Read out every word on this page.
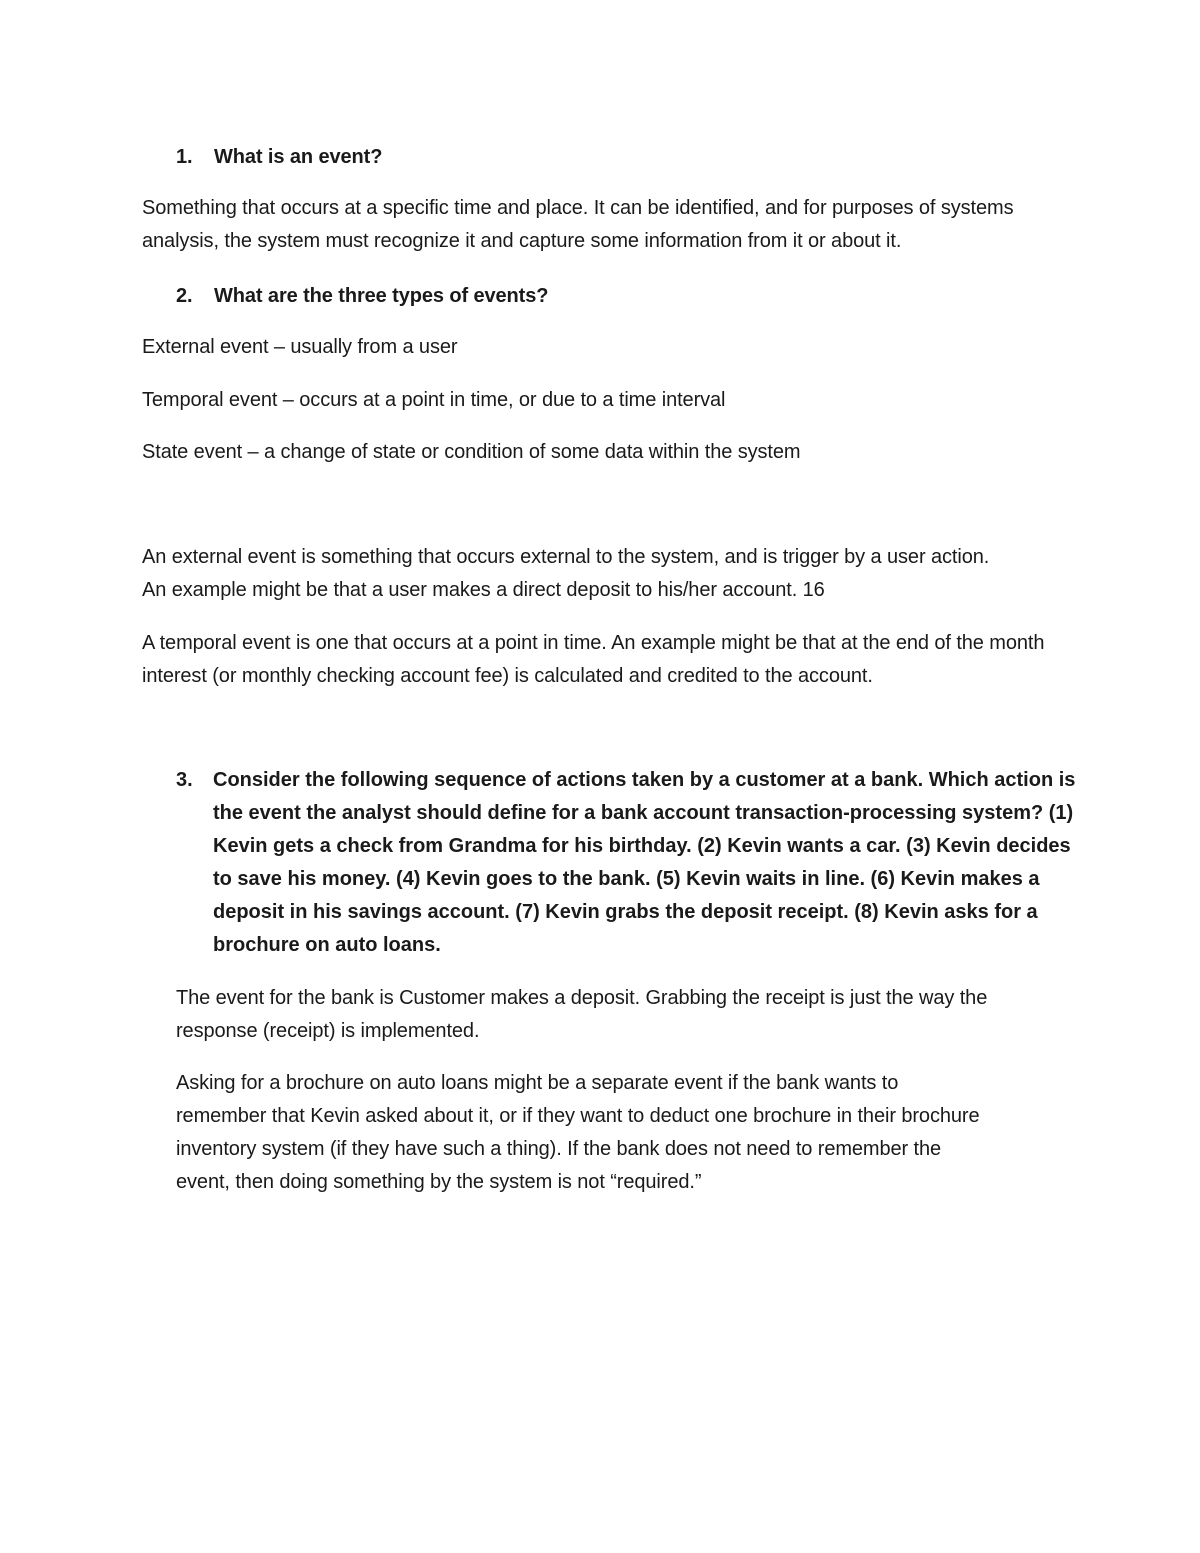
1. What is an event?
Something that occurs at a specific time and place. It can be identified, and for purposes of systems analysis, the system must recognize it and capture some information from it or about it.
2. What are the three types of events?
External event – usually from a user
Temporal event – occurs at a point in time, or due to a time interval
State event – a change of state or condition of some data within the system
An external event is something that occurs external to the system, and is trigger by a user action. An example might be that a user makes a direct deposit to his/her account. 16
A temporal event is one that occurs at a point in time. An example might be that at the end of the month interest (or monthly checking account fee) is calculated and credited to the account.
3. Consider the following sequence of actions taken by a customer at a bank. Which action is the event the analyst should define for a bank account transaction-processing system? (1) Kevin gets a check from Grandma for his birthday. (2) Kevin wants a car. (3) Kevin decides to save his money. (4) Kevin goes to the bank. (5) Kevin waits in line. (6) Kevin makes a deposit in his savings account. (7) Kevin grabs the deposit receipt. (8) Kevin asks for a brochure on auto loans.
The event for the bank is Customer makes a deposit. Grabbing the receipt is just the way the response (receipt) is implemented.
Asking for a brochure on auto loans might be a separate event if the bank wants to remember that Kevin asked about it, or if they want to deduct one brochure in their brochure inventory system (if they have such a thing). If the bank does not need to remember the event, then doing something by the system is not “required.”
